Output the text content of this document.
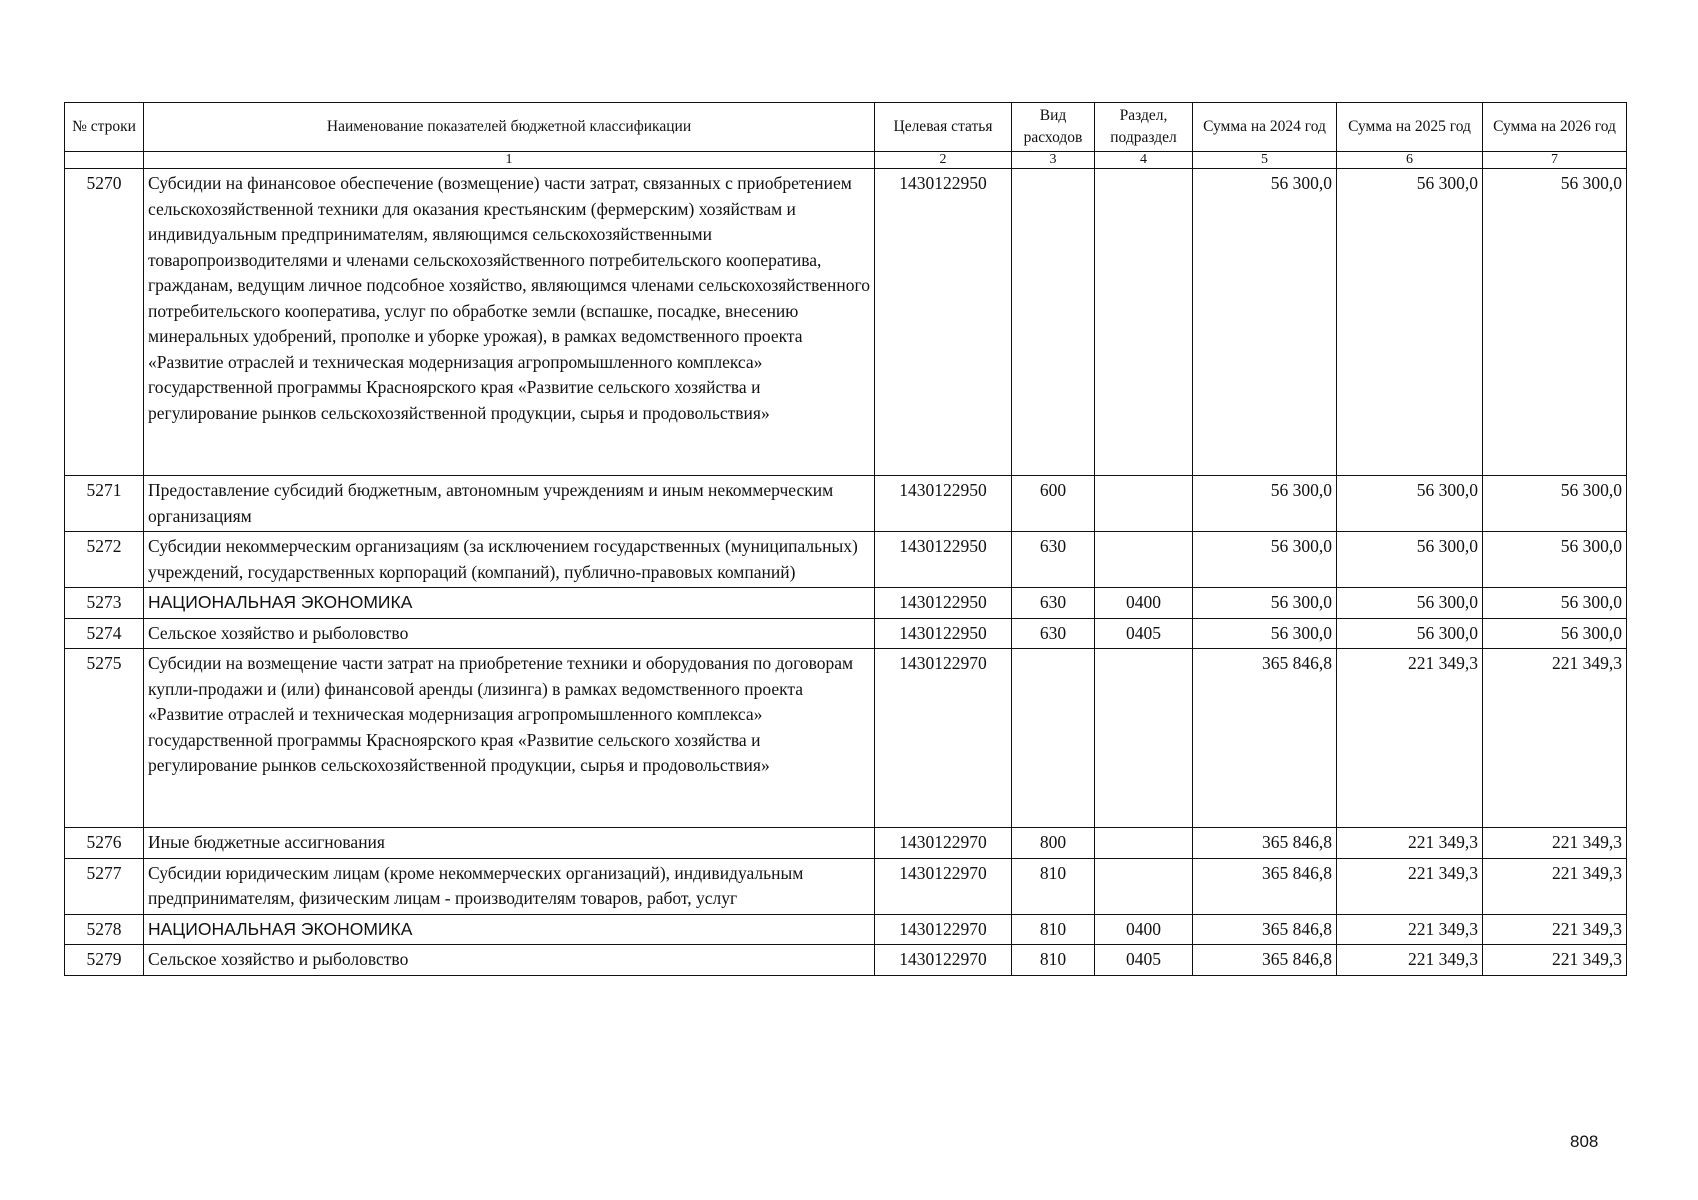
№ строки	Наименование показателей бюджетной классификации	Целевая статья	Вид расходов	Раздел, подраздел	Сумма на 2024 год	Сумма на 2025 год	Сумма на 2026 год
	1	2	3	4	5	6	7
5270	Субсидии на финансовое обеспечение (возмещение) части затрат, связанных с приобретением сельскохозяйственной техники для оказания крестьянским (фермерским) хозяйствам и индивидуальным предпринимателям, являющимся сельскохозяйственными товаропроизводителями и членами сельскохозяйственного потребительского кооператива, гражданам, ведущим личное подсобное хозяйство, являющимся членами сельскохозяйственного потребительского кооператива, услуг по обработке земли (вспашке, посадке, внесению минеральных удобрений, прополке и уборке урожая), в рамках ведомственного проекта «Развитие отраслей и техническая модернизация агропромышленного комплекса» государственной программы Красноярского края «Развитие сельского хозяйства и регулирование рынков сельскохозяйственной продукции, сырья и продовольствия»	1430122950			56 300,0	56 300,0	56 300,0
5271	Предоставление субсидий бюджетным, автономным учреждениям и иным некоммерческим организациям	1430122950	600		56 300,0	56 300,0	56 300,0
5272	Субсидии некоммерческим организациям (за исключением государственных (муниципальных) учреждений, государственных корпораций (компаний), публично-правовых компаний)	1430122950	630		56 300,0	56 300,0	56 300,0
5273	НАЦИОНАЛЬНАЯ ЭКОНОМИКА	1430122950	630	0400	56 300,0	56 300,0	56 300,0
5274	Сельское хозяйство и рыболовство	1430122950	630	0405	56 300,0	56 300,0	56 300,0
5275	Субсидии на возмещение части затрат на приобретение техники и оборудования по договорам купли-продажи и (или) финансовой аренды (лизинга) в рамках ведомственного проекта «Развитие отраслей и техническая модернизация агропромышленного комплекса» государственной программы Красноярского края «Развитие сельского хозяйства и регулирование рынков сельскохозяйственной продукции, сырья и продовольствия»	1430122970			365 846,8	221 349,3	221 349,3
5276	Иные бюджетные ассигнования	1430122970	800		365 846,8	221 349,3	221 349,3
5277	Субсидии юридическим лицам (кроме некоммерческих организаций), индивидуальным предпринимателям, физическим лицам - производителям товаров, работ, услуг	1430122970	810		365 846,8	221 349,3	221 349,3
5278	НАЦИОНАЛЬНАЯ ЭКОНОМИКА	1430122970	810	0400	365 846,8	221 349,3	221 349,3
5279	Сельское хозяйство и рыболовство	1430122970	810	0405	365 846,8	221 349,3	221 349,3
808
